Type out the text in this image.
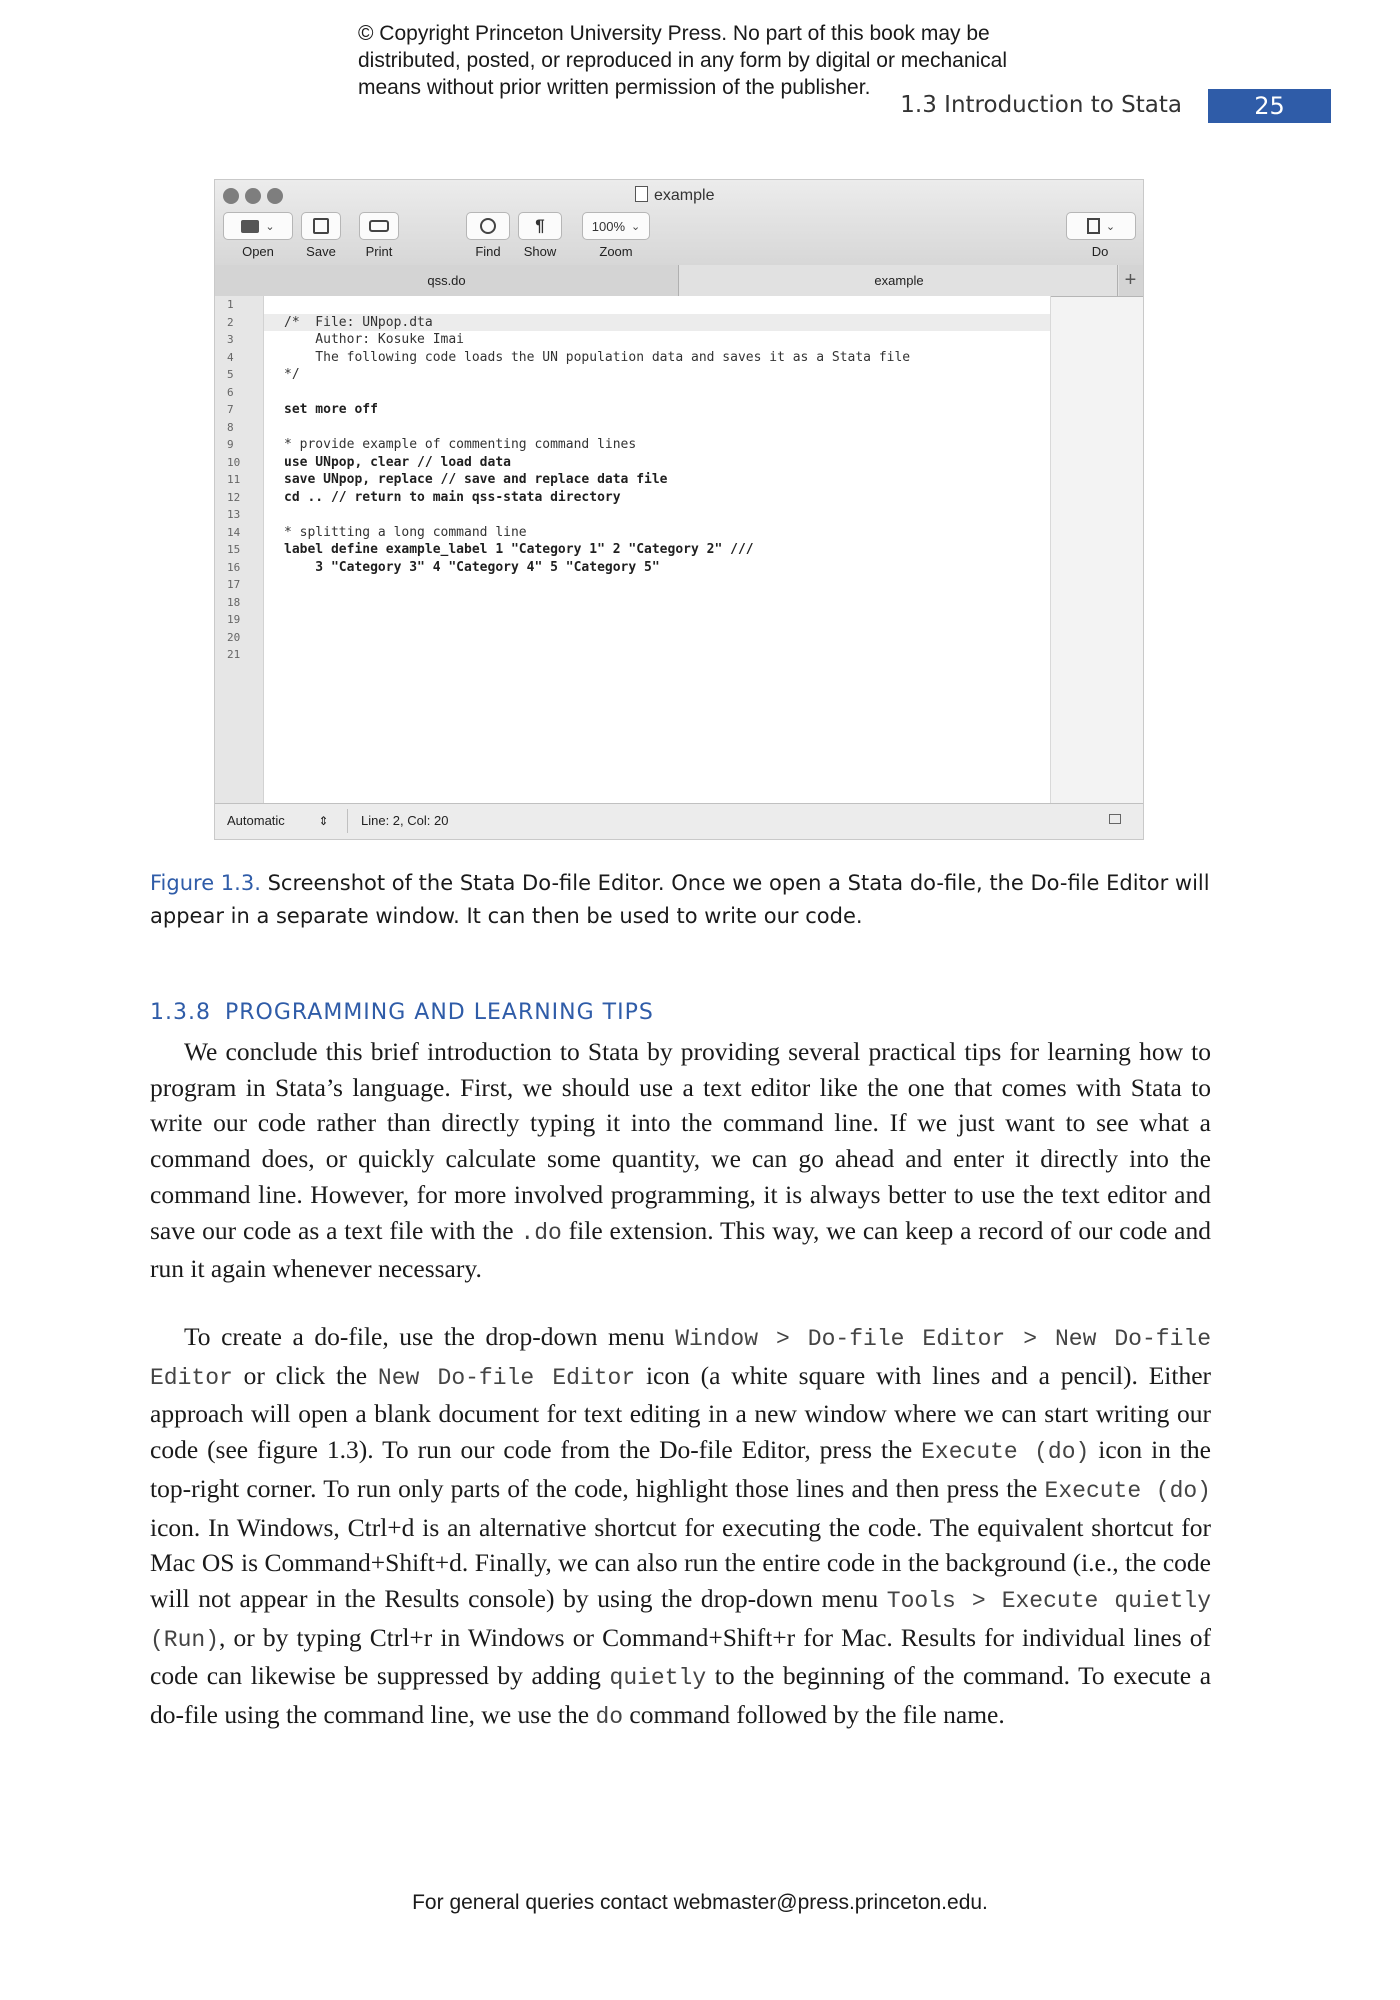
© Copyright Princeton University Press. No part of this book may be
distributed, posted, or reproduced in any form by digital or mechanical
means without prior written permission of the publisher.
1.3 Introduction to Stata	25
example
⌄
Open	Save	Print	Find
¶
Show
100% ⌄
Zoom
⌄
Do
qss.do	example	+
1
2
3
4
5
6
7
8
9
10
11
12
13
14
15
16
17
18
19
20
21
/*  File: UNpop.dta
Author: Kosuke Imai
The following code loads the UN population data and saves it as a Stata file
*/
set more off
* provide example of commenting command lines
use UNpop, clear // load data
save UNpop, replace // save and replace data file
cd .. // return to main qss-stata directory
* splitting a long command line
label define example_label 1 "Category 1" 2 "Category 2" ///
3 "Category 3" 4 "Category 4" 5 "Category 5"
Automatic	⇕	Line: 2, Col: 20
Figure 1.3. Screenshot of the Stata Do-file Editor. Once we open a Stata do-file, the Do-file Editor will appear in a separate window. It can then be used to write our code.
1.3.8 PROGRAMMING AND LEARNING TIPS
We conclude this brief introduction to Stata by providing several practical tips for learning how to program in Stata’s language. First, we should use a text editor like the one that comes with Stata to write our code rather than directly typing it into the command line. If we just want to see what a command does, or quickly calculate some quantity, we can go ahead and enter it directly into the command line. However, for more involved programming, it is always better to use the text editor and save our code as a text file with the .do file extension. This way, we can keep a record of our code and run it again whenever necessary.
To create a do-file, use the drop-down menu Window > Do-file Editor > New Do-file Editor or click the New Do-file Editor icon (a white square with lines and a pencil). Either approach will open a blank document for text editing in a new window where we can start writing our code (see figure 1.3). To run our code from the Do-file Editor, press the Execute (do) icon in the top-right corner. To run only parts of the code, highlight those lines and then press the Execute (do) icon. In Windows, Ctrl+d is an alternative shortcut for executing the code. The equivalent shortcut for Mac OS is Command+Shift+d. Finally, we can also run the entire code in the background (i.e., the code will not appear in the Results console) by using the drop-down menu Tools > Execute quietly (Run), or by typing Ctrl+r in Windows or Command+Shift+r for Mac. Results for individual lines of code can likewise be suppressed by adding quietly to the beginning of the command. To execute a do-file using the command line, we use the do command followed by the file name.
For general queries contact webmaster@press.princeton.edu.
